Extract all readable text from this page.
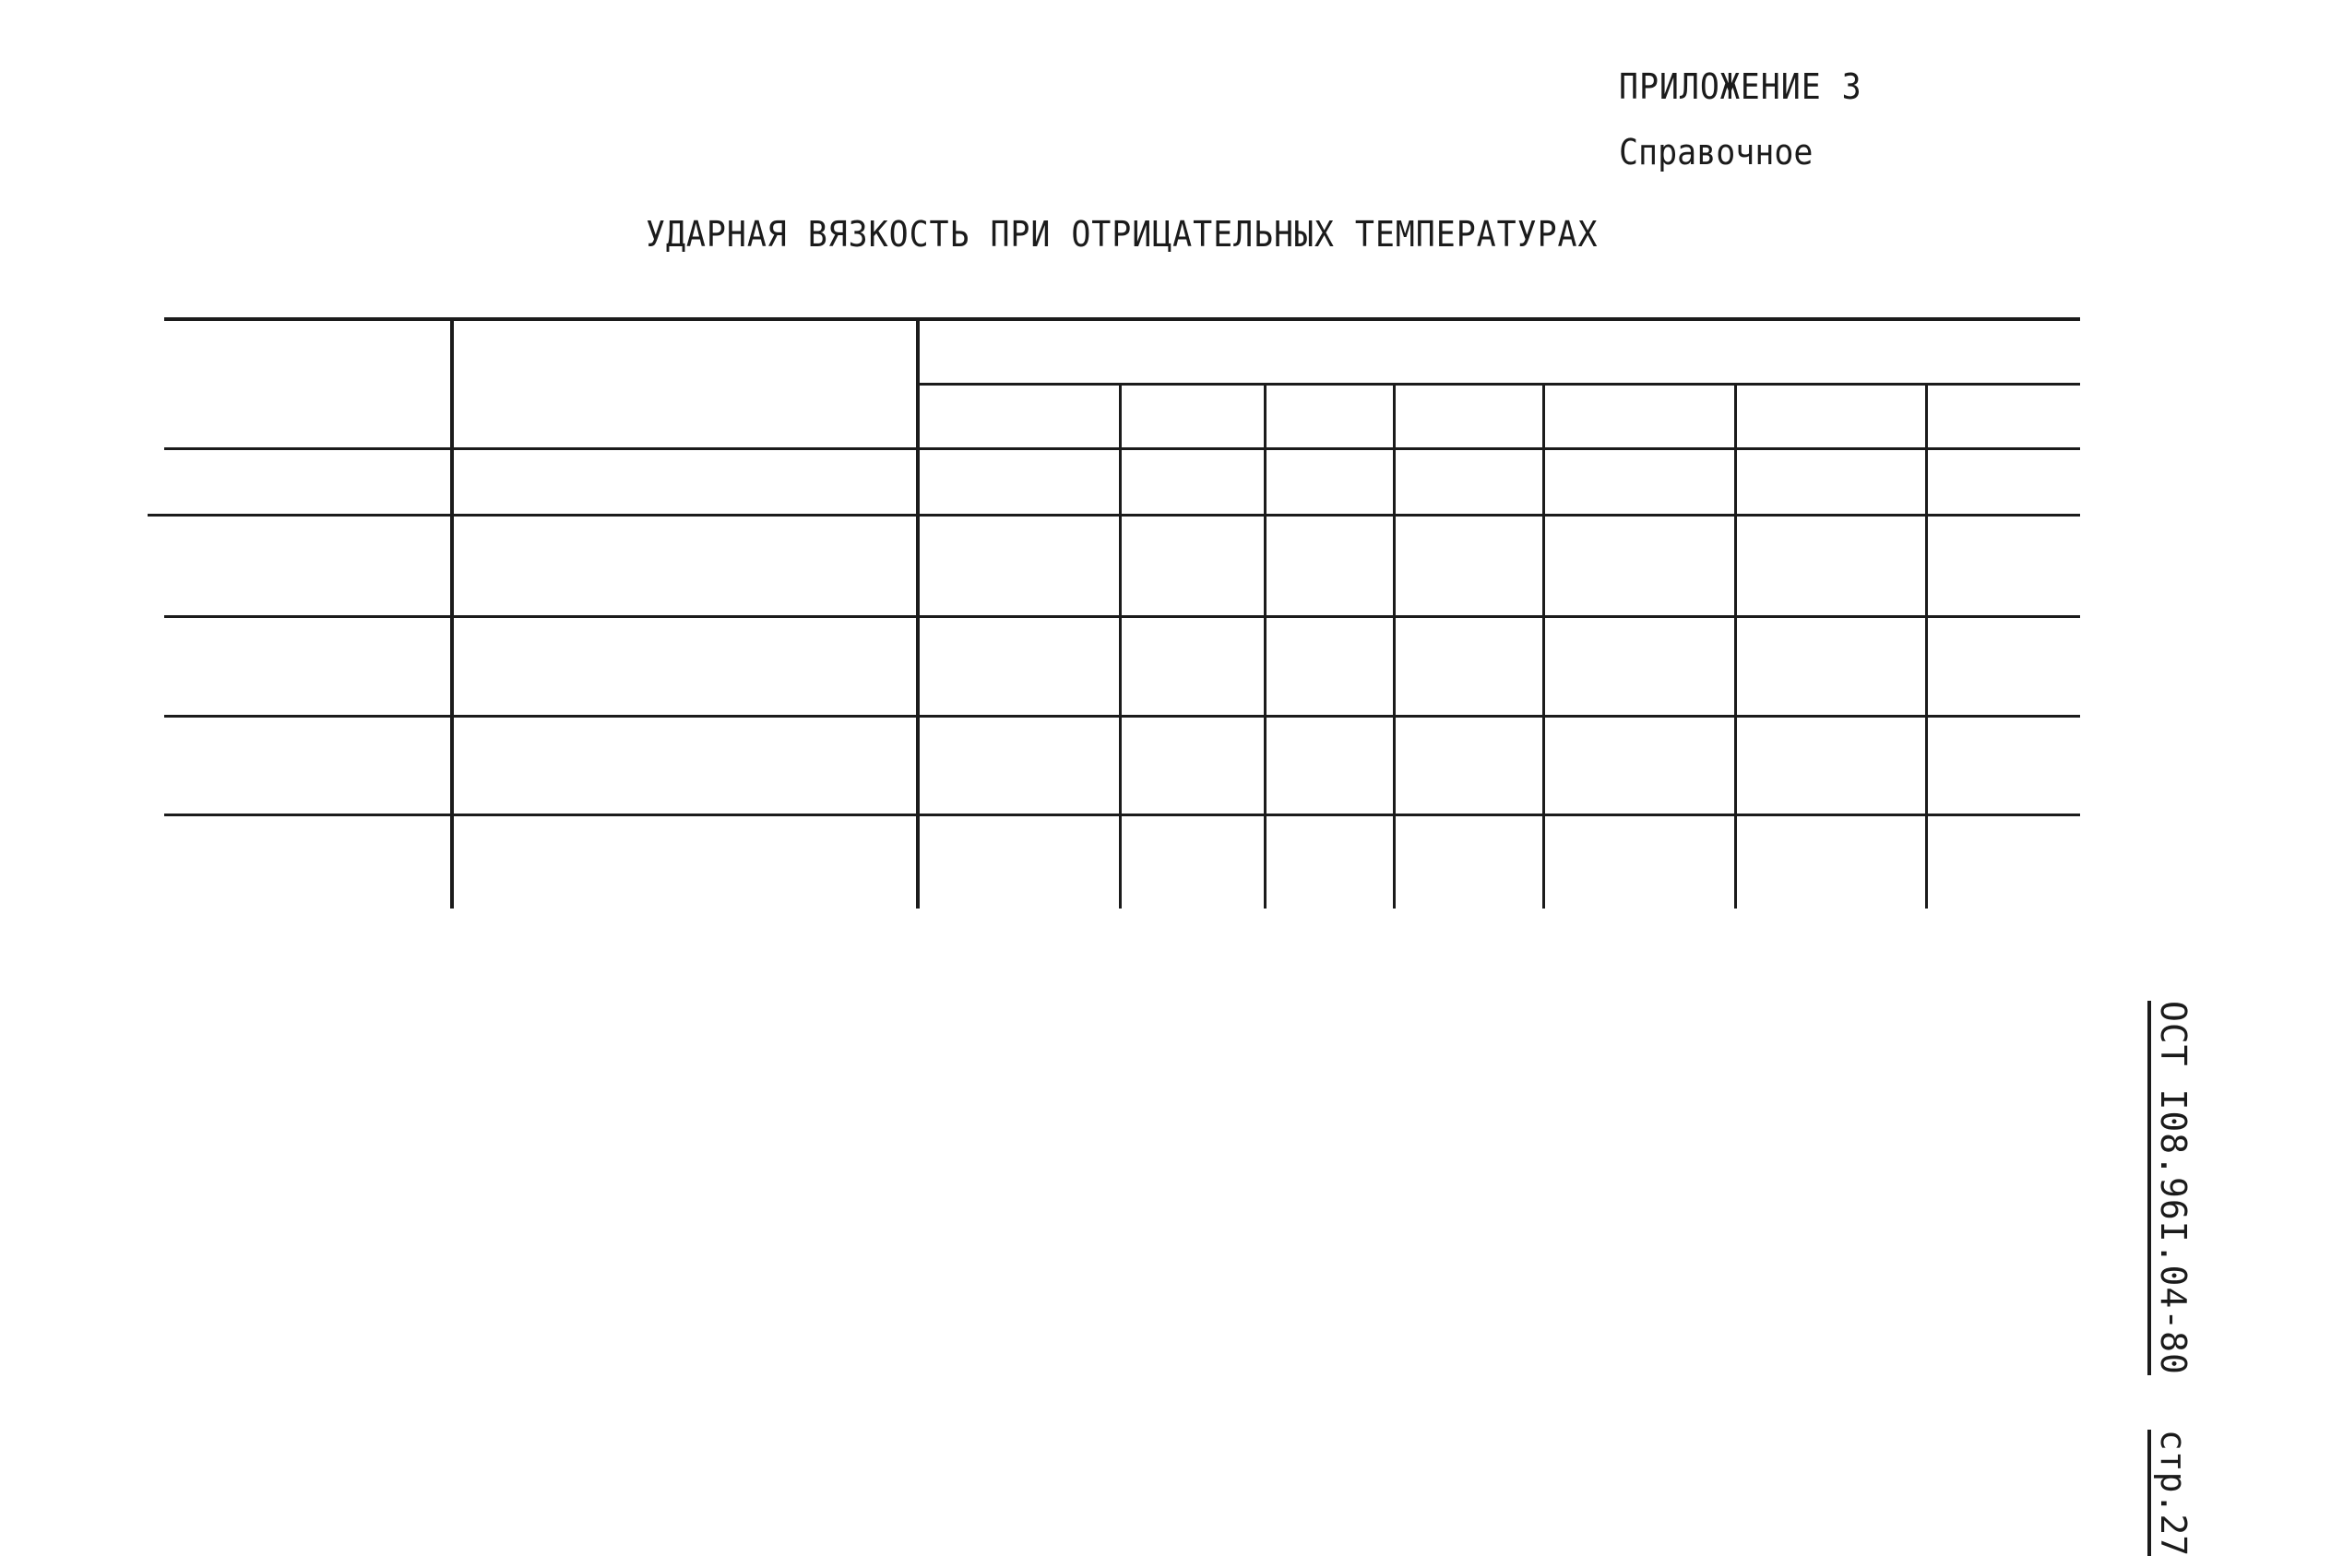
ПРИЛОЖЕНИЕ 3
Справочное
УДАРНАЯ ВЯЗКОСТЬ ПРИ ОТРИЦАТЕЛЬНЫХ ТЕМПЕРАТУРАХ
ОСТ I08.96I.04-80 стр.27
